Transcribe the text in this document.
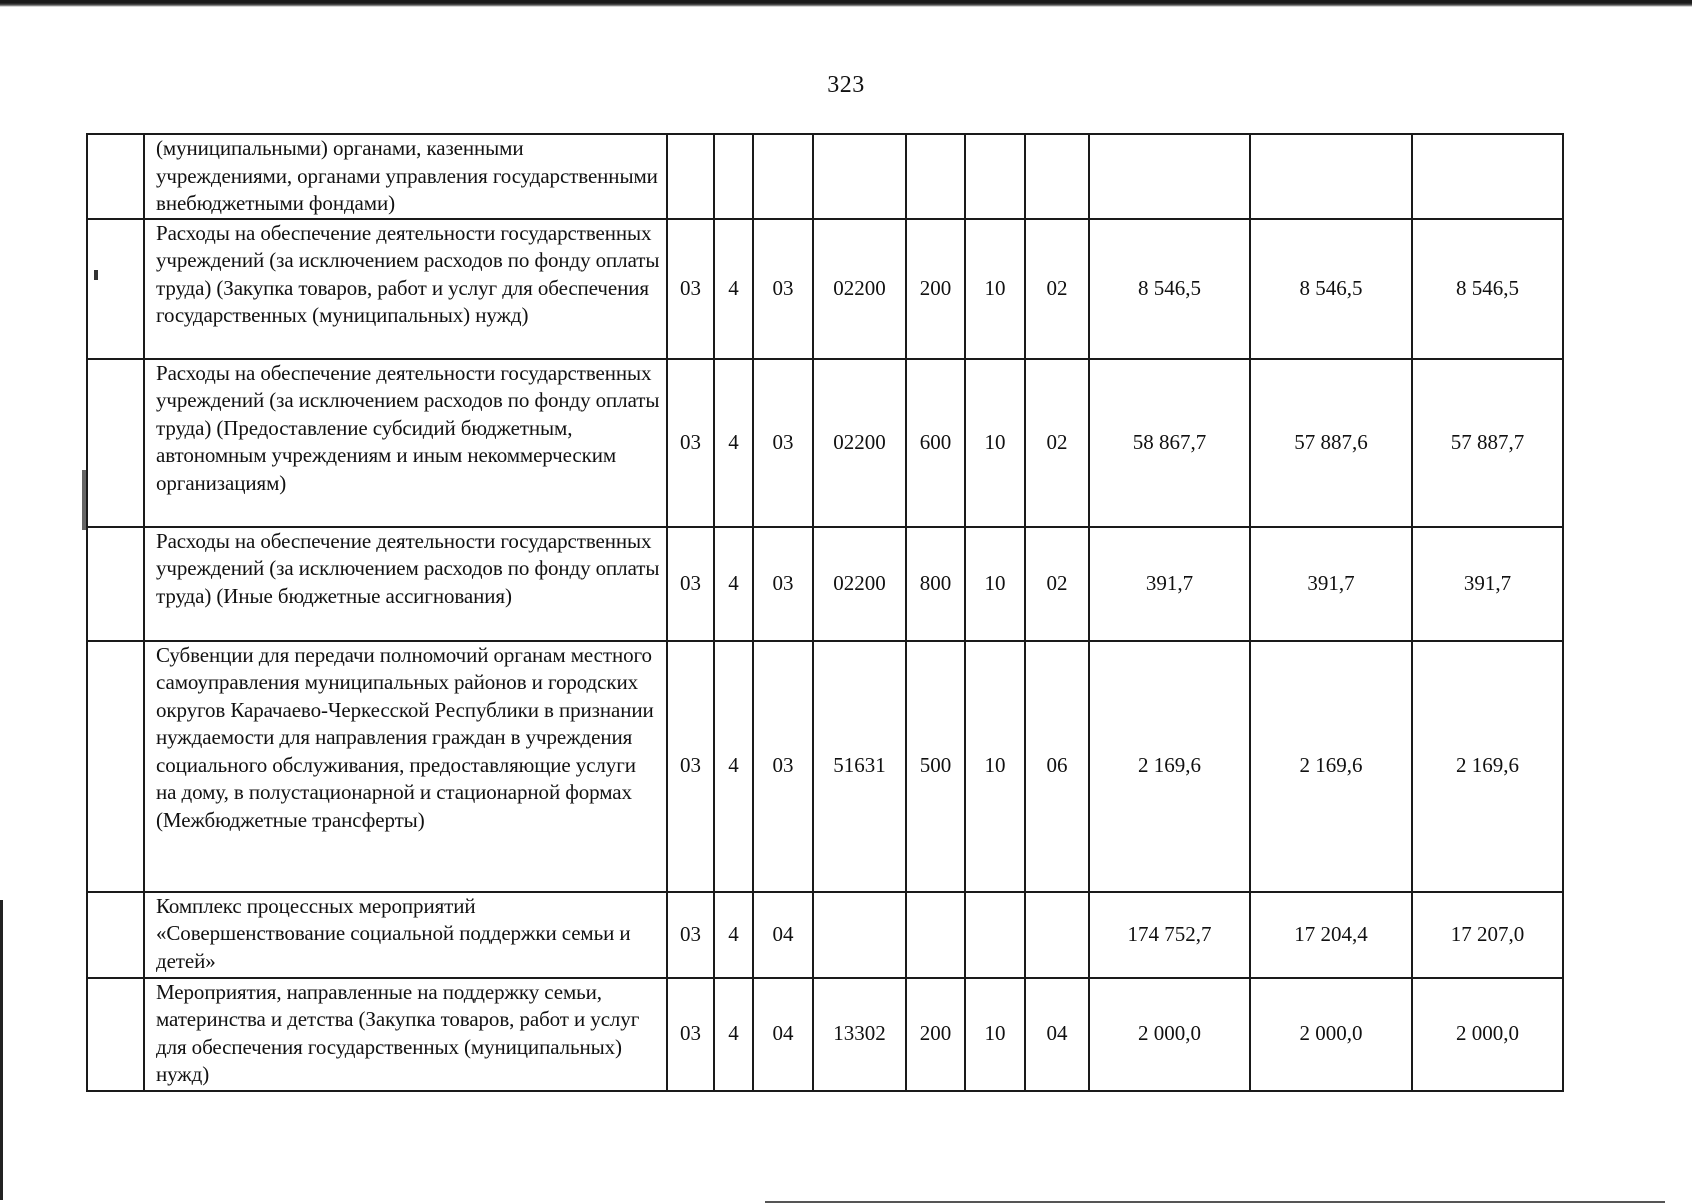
323
	(муниципальными) органами, казенными учреждениями, органами управления государственными внебюджетными фондами)										
	Расходы на обеспечение деятельности государственных учреждений (за исключением расходов по фонду оплаты труда) (Закупка товаров, работ и услуг для обеспечения государственных (муниципальных) нужд)	03	4	03	02200	200	10	02	8 546,5	8 546,5	8 546,5
	Расходы на обеспечение деятельности государственных учреждений (за исключением расходов по фонду оплаты труда) (Предоставление субсидий бюджетным, автономным учреждениям и иным некоммерческим организациям)	03	4	03	02200	600	10	02	58 867,7	57 887,6	57 887,7
	Расходы на обеспечение деятельности государственных учреждений (за исключением расходов по фонду оплаты труда) (Иные бюджетные ассигнования)	03	4	03	02200	800	10	02	391,7	391,7	391,7
	Субвенции для передачи полномочий органам местного самоуправления муниципальных районов и городских округов Карачаево-Черкесской Республики в признании нуждаемости для направления граждан в учреждения социального обслуживания, предоставляющие услуги на дому, в полустационарной и стационарной формах (Межбюджетные трансферты)	03	4	03	51631	500	10	06	2 169,6	2 169,6	2 169,6
	Комплекс процессных мероприятий «Совершенствование социальной поддержки семьи и детей»	03	4	04					174 752,7	17 204,4	17 207,0
	Мероприятия, направленные на поддержку семьи, материнства и детства (Закупка товаров, работ и услуг для обеспечения государственных (муниципальных) нужд)	03	4	04	13302	200	10	04	2 000,0	2 000,0	2 000,0
